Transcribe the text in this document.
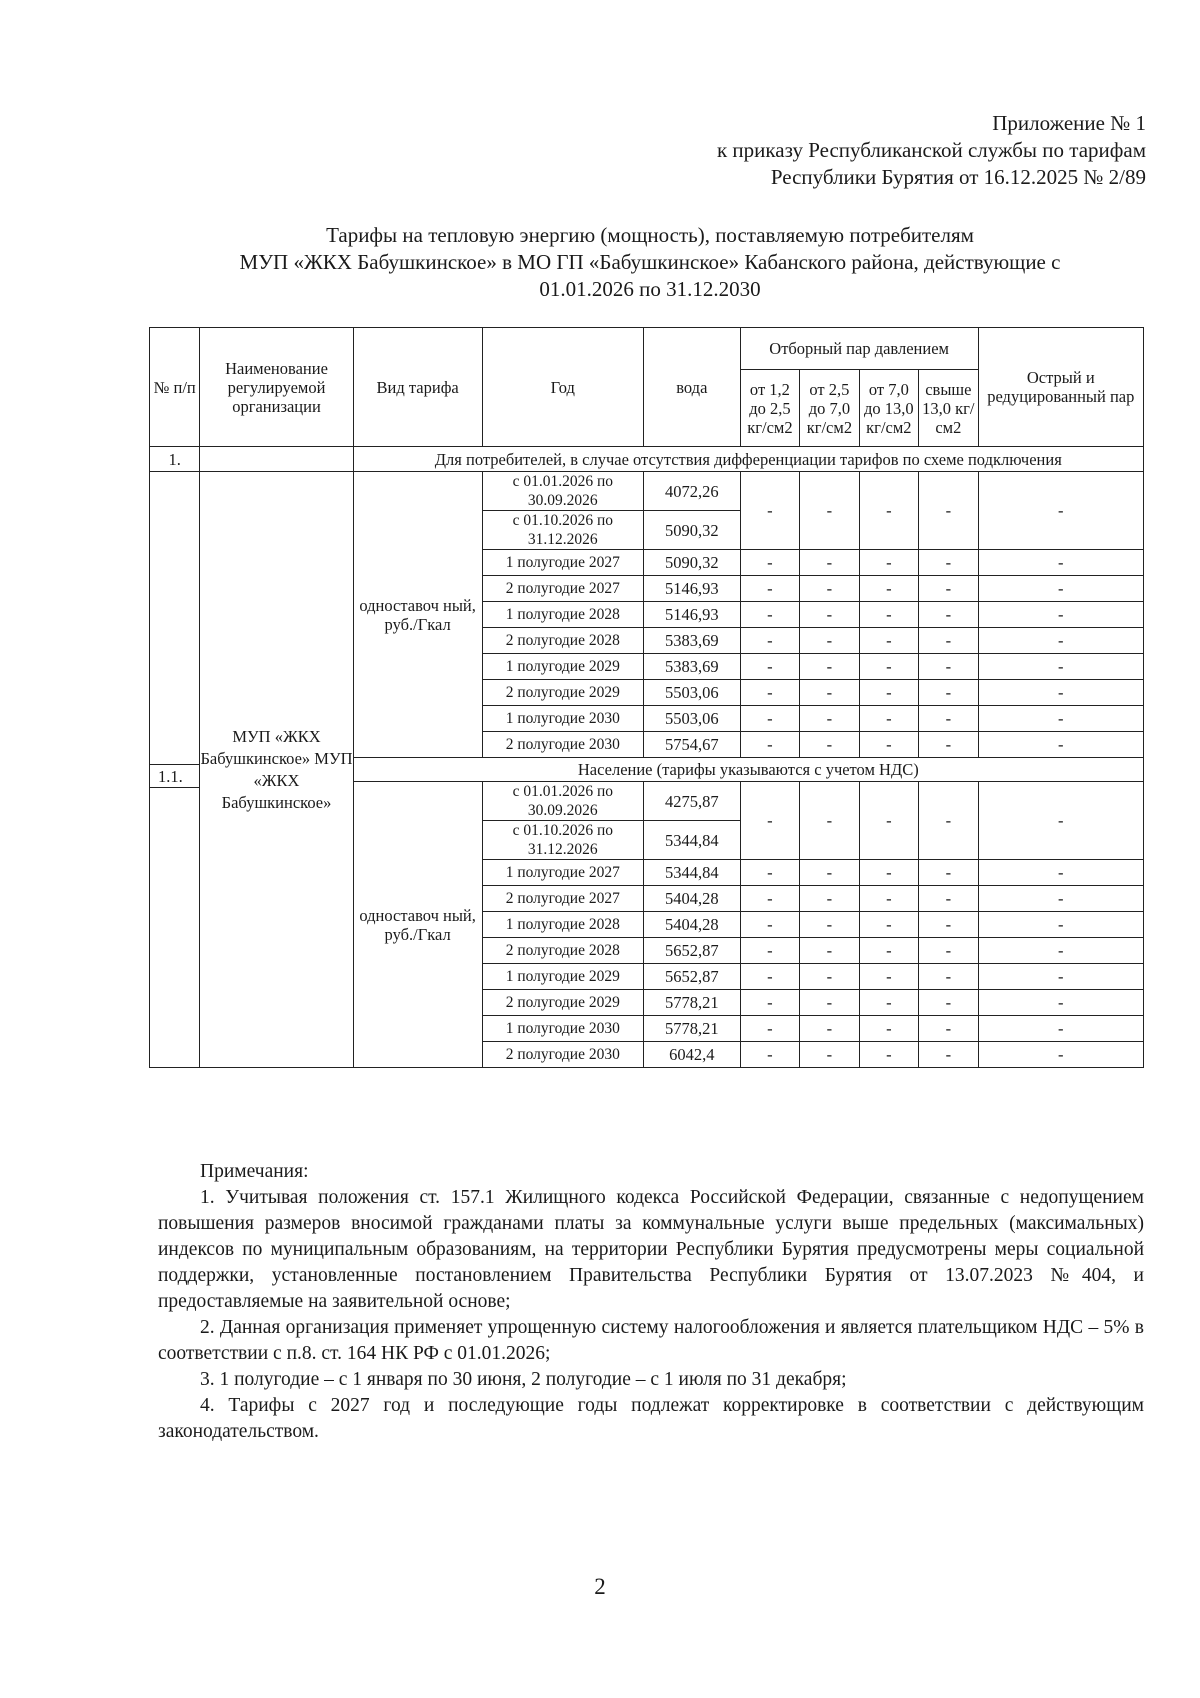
Приложение № 1
к приказу Республиканской службы по тарифам
Республики Бурятия от 16.12.2025 № 2/89
Тарифы на тепловую энергию (мощность), поставляемую потребителям
МУП «ЖКХ Бабушкинское» в МО ГП «Бабушкинское» Кабанского района, действующие с
01.01.2026 по 31.12.2030
№ п/п	Наименование регулируемой организации	Вид тарифа	Год	вода	Отборный пар давлением				Острый и редуцированный пар
					от 1,2 до 2,5 кг/см2	от 2,5 до 7,0 кг/см2	от 7,0 до 13,0 кг/см2	свыше 13,0 кг/см2	
1.		Для потребителей, в случае отсутствия дифференциации тарифов по схеме подключения							

1.1.	МУП «ЖКХ Бабушкинское» МУП «ЖКХ Бабушкинское»	одноставоч ный, руб./Гкал	с 01.01.2026 по 30.09.2026	4072,26	-	-	-	-	-
			с 01.10.2026 по 31.12.2026	5090,32					
			1 полугодие 2027	5090,32	-	-	-	-	-
			2 полугодие 2027	5146,93	-	-	-	-	-
			1 полугодие 2028	5146,93	-	-	-	-	-
			2 полугодие 2028	5383,69	-	-	-	-	-
			1 полугодие 2029	5383,69	-	-	-	-	-
			2 полугодие 2029	5503,06	-	-	-	-	-
			1 полугодие 2030	5503,06	-	-	-	-	-
			2 полугодие 2030	5754,67	-	-	-	-	-
		Население (тарифы указываются с учетом НДС)							
		одноставоч ный, руб./Гкал	с 01.01.2026 по 30.09.2026	4275,87	-	-	-	-	-
			с 01.10.2026 по 31.12.2026	5344,84					
			1 полугодие 2027	5344,84	-	-	-	-	-
			2 полугодие 2027	5404,28	-	-	-	-	-
			1 полугодие 2028	5404,28	-	-	-	-	-
			2 полугодие 2028	5652,87	-	-	-	-	-
			1 полугодие 2029	5652,87	-	-	-	-	-
			2 полугодие 2029	5778,21	-	-	-	-	-
			1 полугодие 2030	5778,21	-	-	-	-	-
			2 полугодие 2030	6042,4	-	-	-	-	-

Примечания:

1. Учитывая положения ст. 157.1 Жилищного кодекса Российской Федерации, связанные с недопущением повышения размеров вносимой гражданами платы за коммунальные услуги выше предельных (максимальных) индексов по муниципальным образованиям, на территории Республики Бурятия предусмотрены меры социальной поддержки, установленные постановлением Правительства Республики Бурятия от 13.07.2023 №404, и предоставляемые на заявительной основе;

2. Данная организация применяет упрощенную систему налогообложения и является плательщиком НДС – 5% в соответствии с п.8. ст. 164 НК РФ с 01.01.2026;

3. 1 полугодие – с 1 января по 30 июня, 2 полугодие – с 1 июля по 31 декабря;

4. Тарифы с 2027 год и последующие годы подлежат корректировке в соответствии с действующим законодательством.

2
